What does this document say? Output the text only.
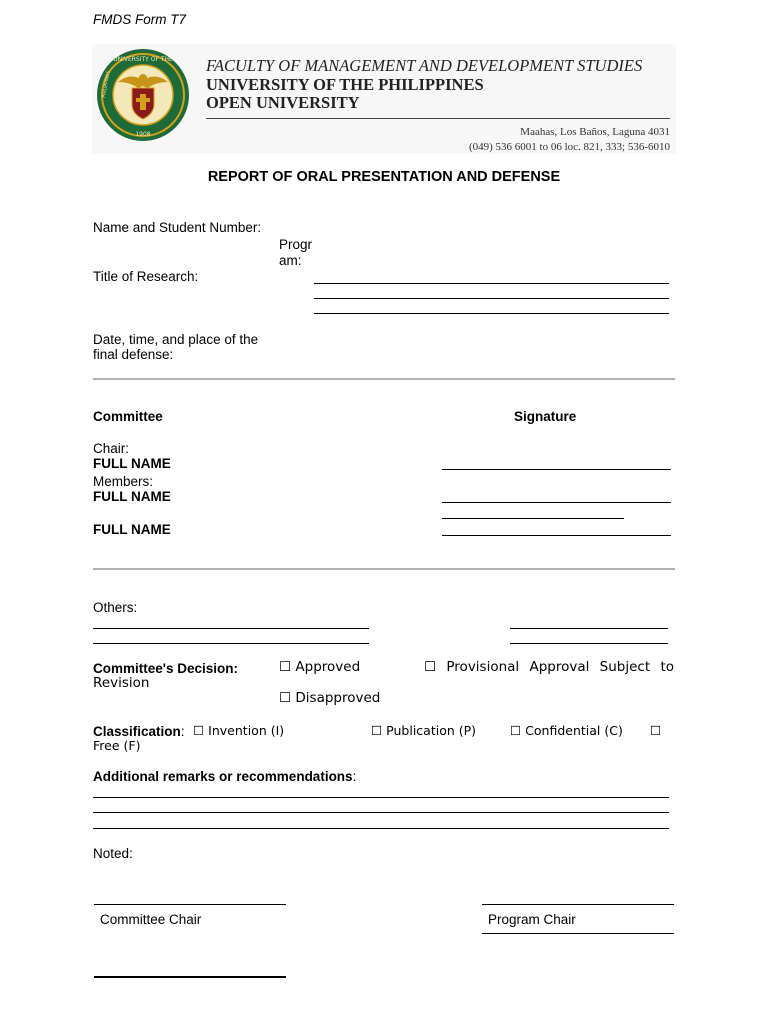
FMDS Form T7
UNIVERSITY OF THE
1908
PHILIPPINES
FACULTY OF MANAGEMENT AND DEVELOPMENT STUDIES
UNIVERSITY OF THE PHILIPPINES
OPEN UNIVERSITY
Maahas, Los Baños, Laguna 4031
(049) 536 6001 to 06 loc. 821, 333; 536-6010
REPORT OF ORAL PRESENTATION AND DEFENSE
Name and Student Number:
Progr
am:
Title of Research:
Date, time, and place of the
final defense:
Committee	Signature
Chair:
FULL NAME
Members:
FULL NAME
FULL NAME
Others:
Committee's Decision:	☐ Approved	☐ Provisional Approval Subject to
Revision
☐ Disapproved
Classification: ☐ Invention (I)	☐ Publication (P)	☐ Confidential (C) ☐
Free (F)
Additional remarks or recommendations:
Noted:
Committee Chair	Program Chair
